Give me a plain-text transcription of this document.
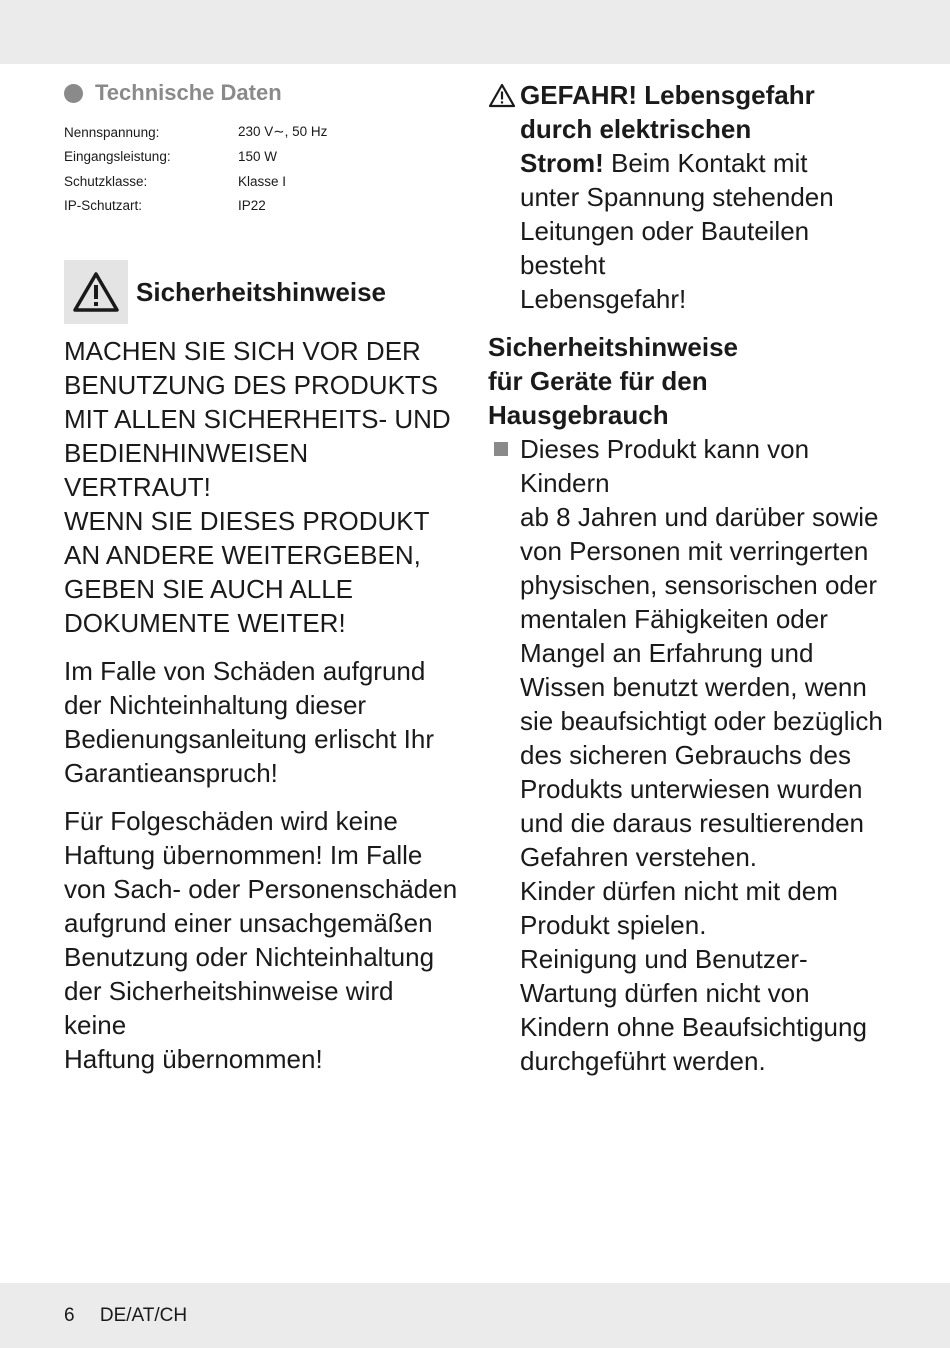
Technische Daten
Nennspannung:	230 V∼, 50 Hz
Eingangsleistung:	150 W
Schutzklasse:	Klasse I
IP-Schutzart:	IP22
Sicherheitshinweise
MACHEN SIE SICH VOR DER
BENUTZUNG DES PRODUKTS
MIT ALLEN SICHERHEITS- UND
BEDIENHINWEISEN VERTRAUT!
WENN SIE DIESES PRODUKT
AN ANDERE WEITERGEBEN,
GEBEN SIE AUCH ALLE
DOKUMENTE WEITER!
Im Falle von Schäden aufgrund
der Nichteinhaltung dieser
Bedienungsanleitung erlischt Ihr
Garantieanspruch!
Für Folgeschäden wird keine
Haftung übernommen! Im Falle
von Sach- oder Personenschäden
aufgrund einer unsachgemäßen
Benutzung oder Nichteinhaltung
der Sicherheitshinweise wird keine
Haftung übernommen!
GEFAHR! Lebensgefahr
durch elektrischen
Strom! Beim Kontakt mit
unter Spannung stehenden
Leitungen oder Bauteilen besteht
Lebensgefahr!
Sicherheitshinweise
für Geräte für den
Hausgebrauch
Dieses Produkt kann von Kindern
ab 8 Jahren und darüber sowie
von Personen mit verringerten
physischen, sensorischen oder
mentalen Fähigkeiten oder
Mangel an Erfahrung und
Wissen benutzt werden, wenn
sie beaufsichtigt oder bezüglich
des sicheren Gebrauchs des
Produkts unterwiesen wurden
und die daraus resultierenden
Gefahren verstehen.
Kinder dürfen nicht mit dem
Produkt spielen.
Reinigung und Benutzer-
Wartung dürfen nicht von
Kindern ohne Beaufsichtigung
durchgeführt werden.
6 DE/AT/CH
